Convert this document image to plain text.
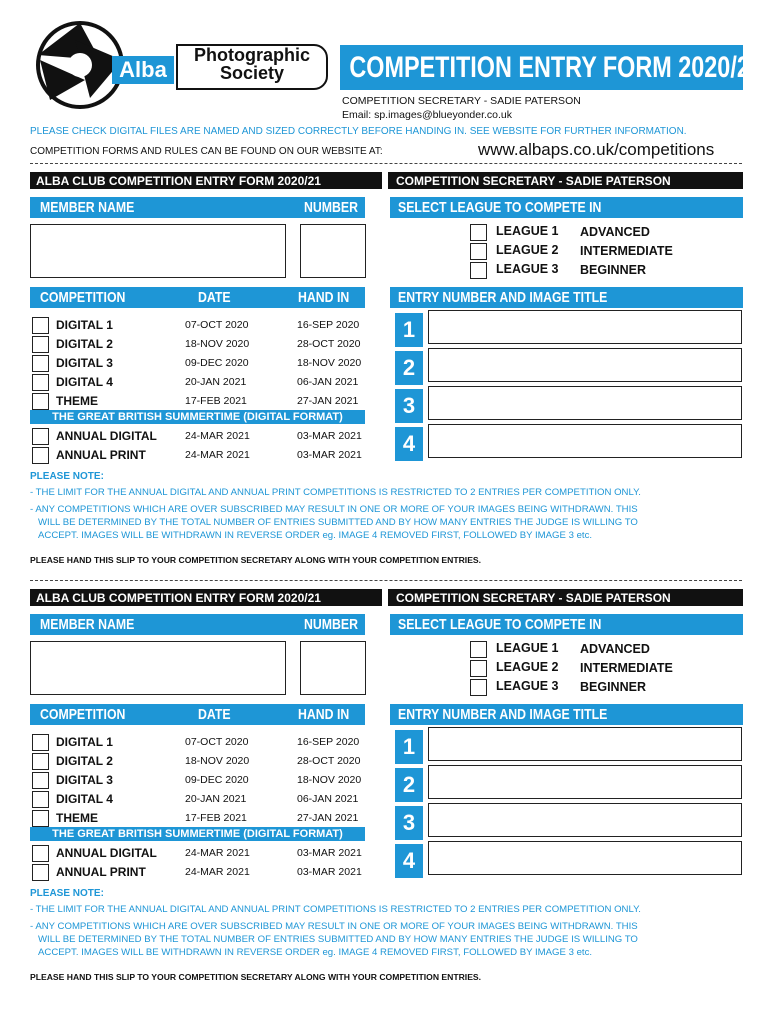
Alba
Photographic
Society	COMPETITION ENTRY FORM 2020/21
COMPETITION SECRETARY - SADIE PATERSON
Email: sp.images@blueyonder.co.uk
PLEASE CHECK DIGITAL FILES ARE NAMED AND SIZED CORRECTLY BEFORE HANDING IN. SEE WEBSITE FOR FURTHER INFORMATION.
COMPETITION FORMS AND RULES CAN BE FOUND ON OUR WEBSITE AT:	www.albaps.co.uk/competitions
ALBA CLUB COMPETITION ENTRY FORM 2020/21	COMPETITION SECRETARY - SADIE PATERSON
MEMBER NAME	NUMBER	SELECT LEAGUE TO COMPETE IN
LEAGUE 1 ADVANCED
LEAGUE 2 INTERMEDIATE
LEAGUE 3 BEGINNER
COMPETITION	DATE	HAND IN	ENTRY NUMBER AND IMAGE TITLE
DIGITAL 1	07-OCT 2020	16-SEP 2020
DIGITAL 2	18-NOV 2020	28-OCT 2020
DIGITAL 3	09-DEC 2020	18-NOV 2020
DIGITAL 4	20-JAN 2021	06-JAN 2021
THEME	17-FEB 2021	27-JAN 2021
THE GREAT BRITISH SUMMERTIME (DIGITAL FORMAT)
ANNUAL DIGITAL	24-MAR 2021	03-MAR 2021
ANNUAL PRINT	24-MAR 2021	03-MAR 2021
1
2
3
4
PLEASE NOTE:
- THE LIMIT FOR THE ANNUAL DIGITAL AND ANNUAL PRINT COMPETITIONS IS RESTRICTED TO 2 ENTRIES PER COMPETITION ONLY.
- ANY COMPETITIONS WHICH ARE OVER SUBSCRIBED MAY RESULT IN ONE OR MORE OF YOUR IMAGES BEING WITHDRAWN. THIS
WILL BE DETERMINED BY THE TOTAL NUMBER OF ENTRIES SUBMITTED AND BY HOW MANY ENTRIES THE JUDGE IS WILLING TO
ACCEPT. IMAGES WILL BE WITHDRAWN IN REVERSE ORDER eg. IMAGE 4 REMOVED FIRST, FOLLOWED BY IMAGE 3 etc.
PLEASE HAND THIS SLIP TO YOUR COMPETITION SECRETARY ALONG WITH YOUR COMPETITION ENTRIES.
ALBA CLUB COMPETITION ENTRY FORM 2020/21	COMPETITION SECRETARY - SADIE PATERSON
MEMBER NAME	NUMBER	SELECT LEAGUE TO COMPETE IN
LEAGUE 1 ADVANCED
LEAGUE 2 INTERMEDIATE
LEAGUE 3 BEGINNER
COMPETITION	DATE	HAND IN	ENTRY NUMBER AND IMAGE TITLE
DIGITAL 1	07-OCT 2020	16-SEP 2020
DIGITAL 2	18-NOV 2020	28-OCT 2020
DIGITAL 3	09-DEC 2020	18-NOV 2020
DIGITAL 4	20-JAN 2021	06-JAN 2021
THEME	17-FEB 2021	27-JAN 2021
THE GREAT BRITISH SUMMERTIME (DIGITAL FORMAT)
ANNUAL DIGITAL	24-MAR 2021	03-MAR 2021
ANNUAL PRINT	24-MAR 2021	03-MAR 2021
1
2
3
4
PLEASE NOTE:
- THE LIMIT FOR THE ANNUAL DIGITAL AND ANNUAL PRINT COMPETITIONS IS RESTRICTED TO 2 ENTRIES PER COMPETITION ONLY.
- ANY COMPETITIONS WHICH ARE OVER SUBSCRIBED MAY RESULT IN ONE OR MORE OF YOUR IMAGES BEING WITHDRAWN. THIS
WILL BE DETERMINED BY THE TOTAL NUMBER OF ENTRIES SUBMITTED AND BY HOW MANY ENTRIES THE JUDGE IS WILLING TO
ACCEPT. IMAGES WILL BE WITHDRAWN IN REVERSE ORDER eg. IMAGE 4 REMOVED FIRST, FOLLOWED BY IMAGE 3 etc.
PLEASE HAND THIS SLIP TO YOUR COMPETITION SECRETARY ALONG WITH YOUR COMPETITION ENTRIES.
